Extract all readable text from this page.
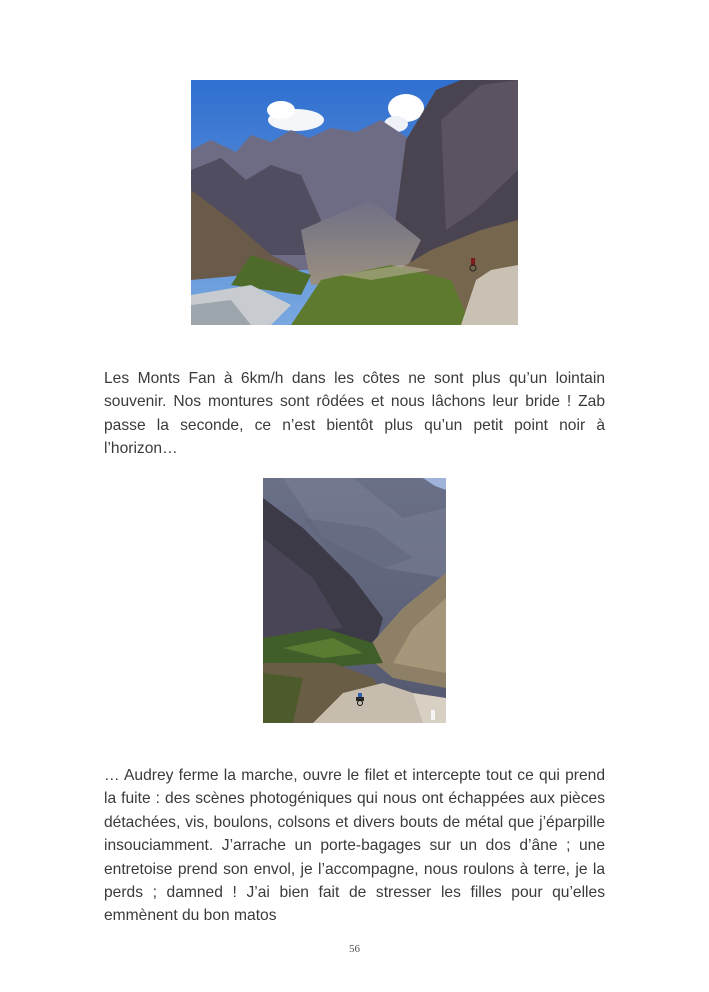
Les Monts Fan à 6km/h dans les côtes ne sont plus qu’un lointain souvenir. Nos montures sont rôdées et nous lâchons leur bride ! Zab passe la seconde, ce n’est bientôt plus qu’un petit point noir à l’horizon…

… Audrey ferme la marche, ouvre le filet et intercepte tout ce qui prend la fuite : des scènes photogéniques qui nous ont échappées aux pièces détachées, vis, boulons, colsons et divers bouts de métal que j’éparpille insouciamment. J’arrache un porte-bagages sur un dos d’âne ; une entretoise prend son envol, je l’accompagne, nous roulons à terre, je la perds ; damned ! J’ai bien fait de stresser les filles pour qu’elles emmènent du bon matos

56
